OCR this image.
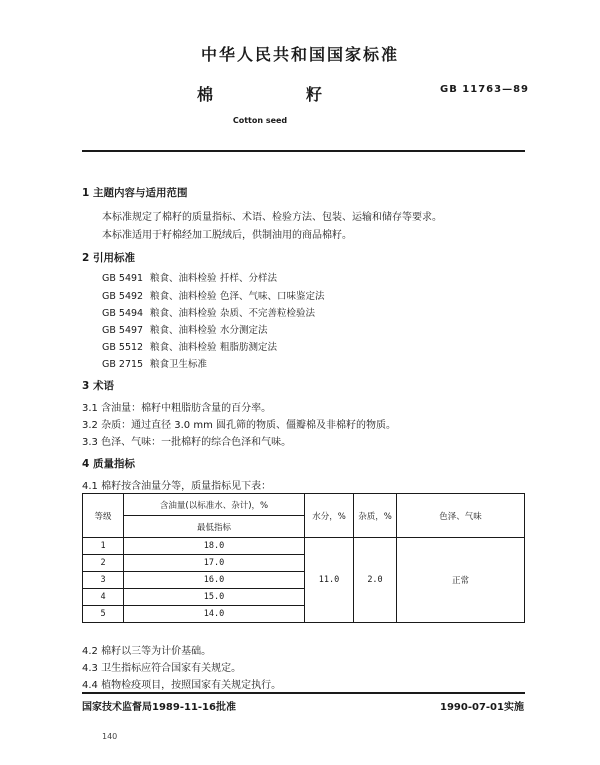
中华人民共和国国家标准
棉	籽	GB 11763—89
Cotton seed
1 主题内容与适用范围
本标准规定了棉籽的质量指标、术语、检验方法、包装、运输和储存等要求。
本标准适用于籽棉经加工脱绒后，供制油用的商品棉籽。
2 引用标准
GB 5491 粮食、油料检验 扦样、分样法
GB 5492 粮食、油料检验 色泽、气味、口味鉴定法
GB 5494 粮食、油料检验 杂质、不完善粒检验法
GB 5497 粮食、油料检验 水分测定法
GB 5512 粮食、油料检验 粗脂肪测定法
GB 2715 粮食卫生标准
3 术语
3.1 含油量：棉籽中粗脂肪含量的百分率。
3.2 杂质：通过直径 3.0 mm 圆孔筛的物质、僵瓣棉及非棉籽的物质。
3.3 色泽、气味：一批棉籽的综合色泽和气味。
4 质量指标
4.1 棉籽按含油量分等，质量指标见下表：
等级	含油量(以标准水、杂计)，%	水分，%	杂质，%	色泽、气味
	最低指标			
1	18.0	11.0	2.0	正常
2	17.0			
3	16.0			
4	15.0			
5	14.0			
4.2 棉籽以三等为计价基础。
4.3 卫生指标应符合国家有关规定。
4.4 植物检疫项目，按照国家有关规定执行。
国家技术监督局1989-11-16批准	1990-07-01实施
140
